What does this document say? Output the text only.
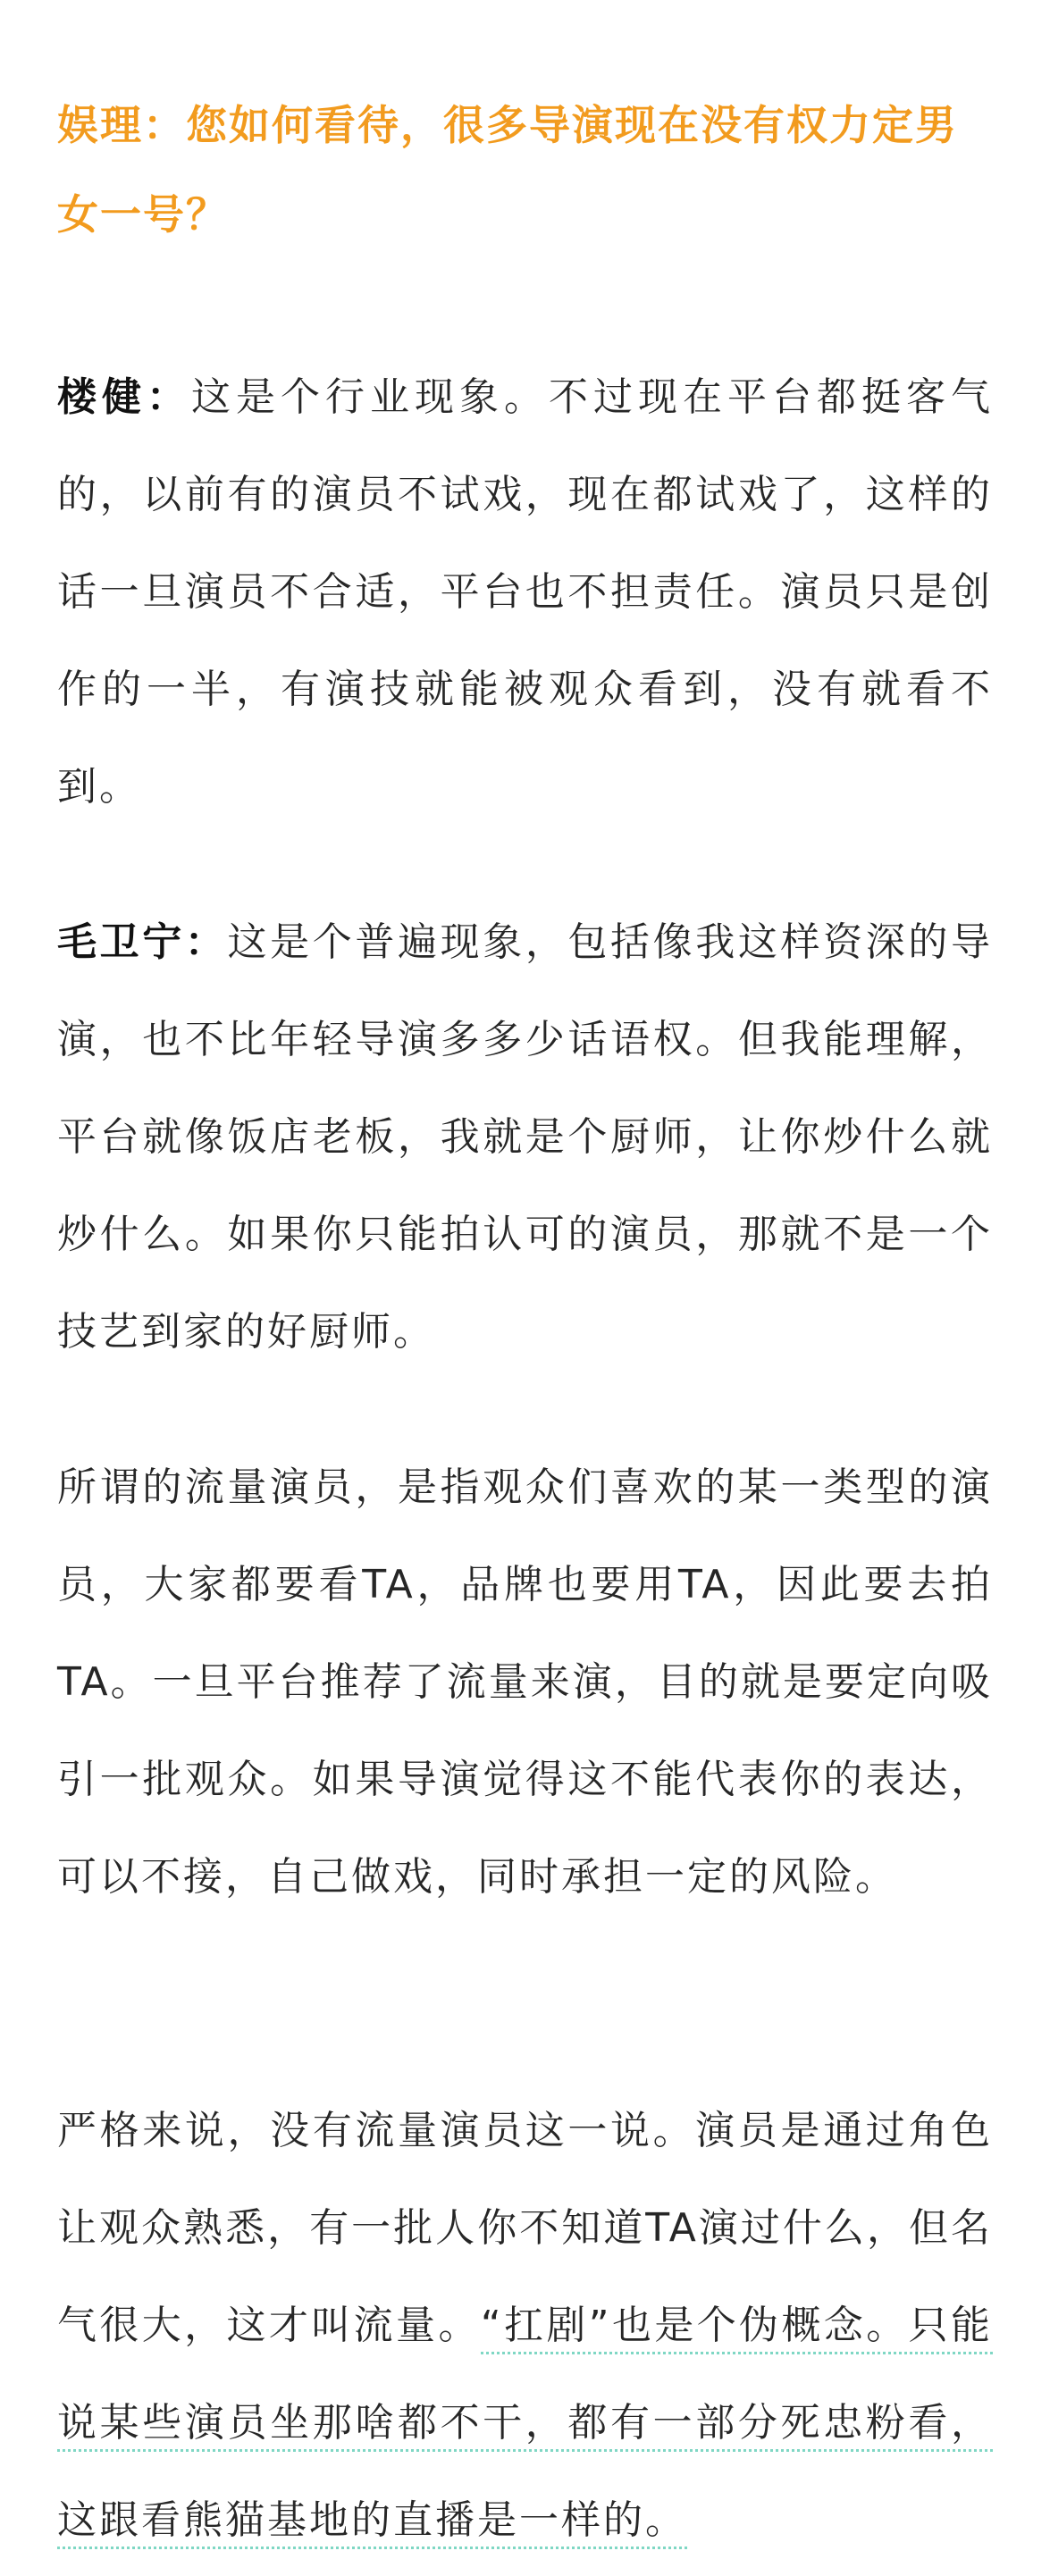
娱理：您如何看待，很多导演现在没有权力定男女一号？

楼健：这是个行业现象。不过现在平台都挺客气的，以前有的演员不试戏，现在都试戏了，这样的话一旦演员不合适，平台也不担责任。演员只是创作的一半，有演技就能被观众看到，没有就看不到。

毛卫宁：这是个普遍现象，包括像我这样资深的导演，也不比年轻导演多多少话语权。但我能理解，平台就像饭店老板，我就是个厨师，让你炒什么就炒什么。如果你只能拍认可的演员，那就不是一个技艺到家的好厨师。

所谓的流量演员，是指观众们喜欢的某一类型的演员，大家都要看TA，品牌也要用TA，因此要去拍TA。一旦平台推荐了流量来演，目的就是要定向吸引一批观众。如果导演觉得这不能代表你的表达，可以不接，自己做戏，同时承担一定的风险。

严格来说，没有流量演员这一说。演员是通过角色让观众熟悉，有一批人你不知道TA演过什么，但名气很大，这才叫流量。“扛剧”也是个伪概念。只能说某些演员坐那啥都不干，都有一部分死忠粉看，这跟看熊猫基地的直播是一样的。
